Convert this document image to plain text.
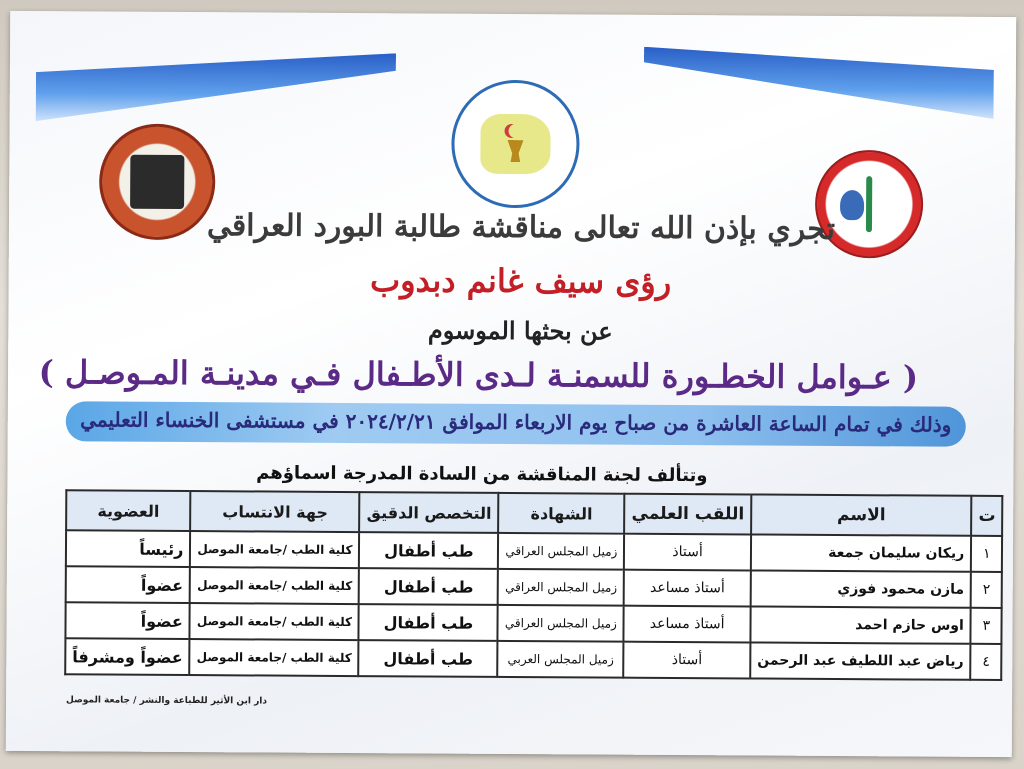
تجري بإذن الله تعالى مناقشة طالبة البورد العراقي
رؤى سيف غانم دبدوب
عن بحثها الموسوم
( عـوامل الخطـورة للسمنـة لـدى الأطـفال فـي مدينـة المـوصـل )
وذلك في تمام الساعة العاشرة من صباح يوم الاربعاء الموافق ٢٠٢٤/٢/٢١ في مستشفى الخنساء التعليمي
وتتألف لجنة المناقشة من السادة المدرجة اسماؤهم
ت	الاسم	اللقب العلمي	الشهادة	التخصص الدقيق	جهة الانتساب	العضوية
١	ريكان سليمان جمعة	أستاذ	زميل المجلس العراقي	طب أطفال	كلية الطب /جامعة الموصل	رئيساً
٢	مازن محمود فوزي	أستاذ مساعد	زميل المجلس العراقي	طب أطفال	كلية الطب /جامعة الموصل	عضواً
٣	اوس حازم احمد	أستاذ مساعد	زميل المجلس العراقي	طب أطفال	كلية الطب /جامعة الموصل	عضواً
٤	رياض عبد اللطيف عبد الرحمن	أستاذ	زميل المجلس العربي	طب أطفال	كلية الطب /جامعة الموصل	عضواً ومشرفاً
دار ابن الأثير للطباعة والنشر / جامعة الموصل
